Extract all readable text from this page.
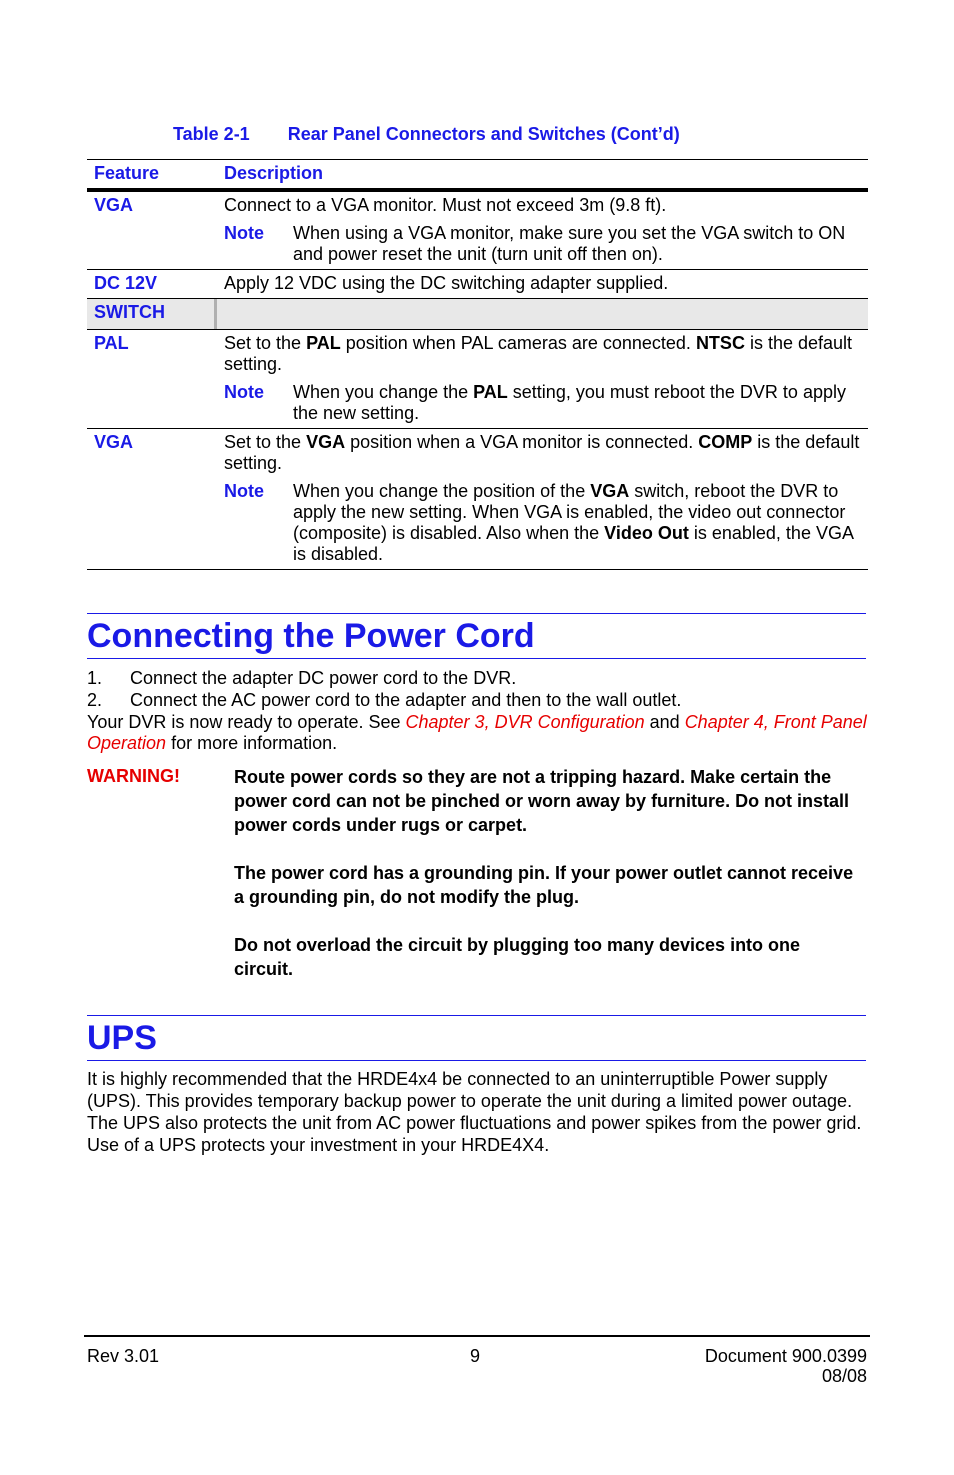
Table 2-1 Rear Panel Connectors and Switches (Cont’d)
Feature	Description
VGA	Connect to a VGA monitor. Must not exceed 3m (9.8 ft).
Note	When using a VGA monitor, make sure you set the VGA switch to ON and power reset the unit (turn unit off then on).
DC 12V	Apply 12 VDC using the DC switching adapter supplied.
SWITCH
PAL	Set to the PAL position when PAL cameras are connected. NTSC is the default setting.
Note	When you change the PAL setting, you must reboot the DVR to apply the new setting.
VGA	Set to the VGA position when a VGA monitor is connected. COMP is the default setting.
Note	When you change the position of the VGA switch, reboot the DVR to apply the new setting. When VGA is enabled, the video out connector (composite) is disabled. Also when the Video Out is enabled, the VGA is disabled.
Connecting the Power Cord
1.	Connect the adapter DC power cord to the DVR.
2.	Connect the AC power cord to the adapter and then to the wall outlet.
Your DVR is now ready to operate. See Chapter 3, DVR Configuration and Chapter 4, Front Panel Operation for more information.
WARNING!	Route power cords so they are not a tripping hazard. Make certain the power cord can not be pinched or worn away by furniture. Do not install power cords under rugs or carpet.

The power cord has a grounding pin. If your power outlet cannot receive a grounding pin, do not modify the plug.

Do not overload the circuit by plugging too many devices into one circuit.

UPS
It is highly recommended that the HRDE4x4 be connected to an uninterruptible Power supply (UPS). This provides temporary backup power to operate the unit during a limited power outage. The UPS also protects the unit from AC power fluctuations and power spikes from the power grid. Use of a UPS protects your investment in your HRDE4X4.
Rev 3.01	9	Document 900.0399
08/08
